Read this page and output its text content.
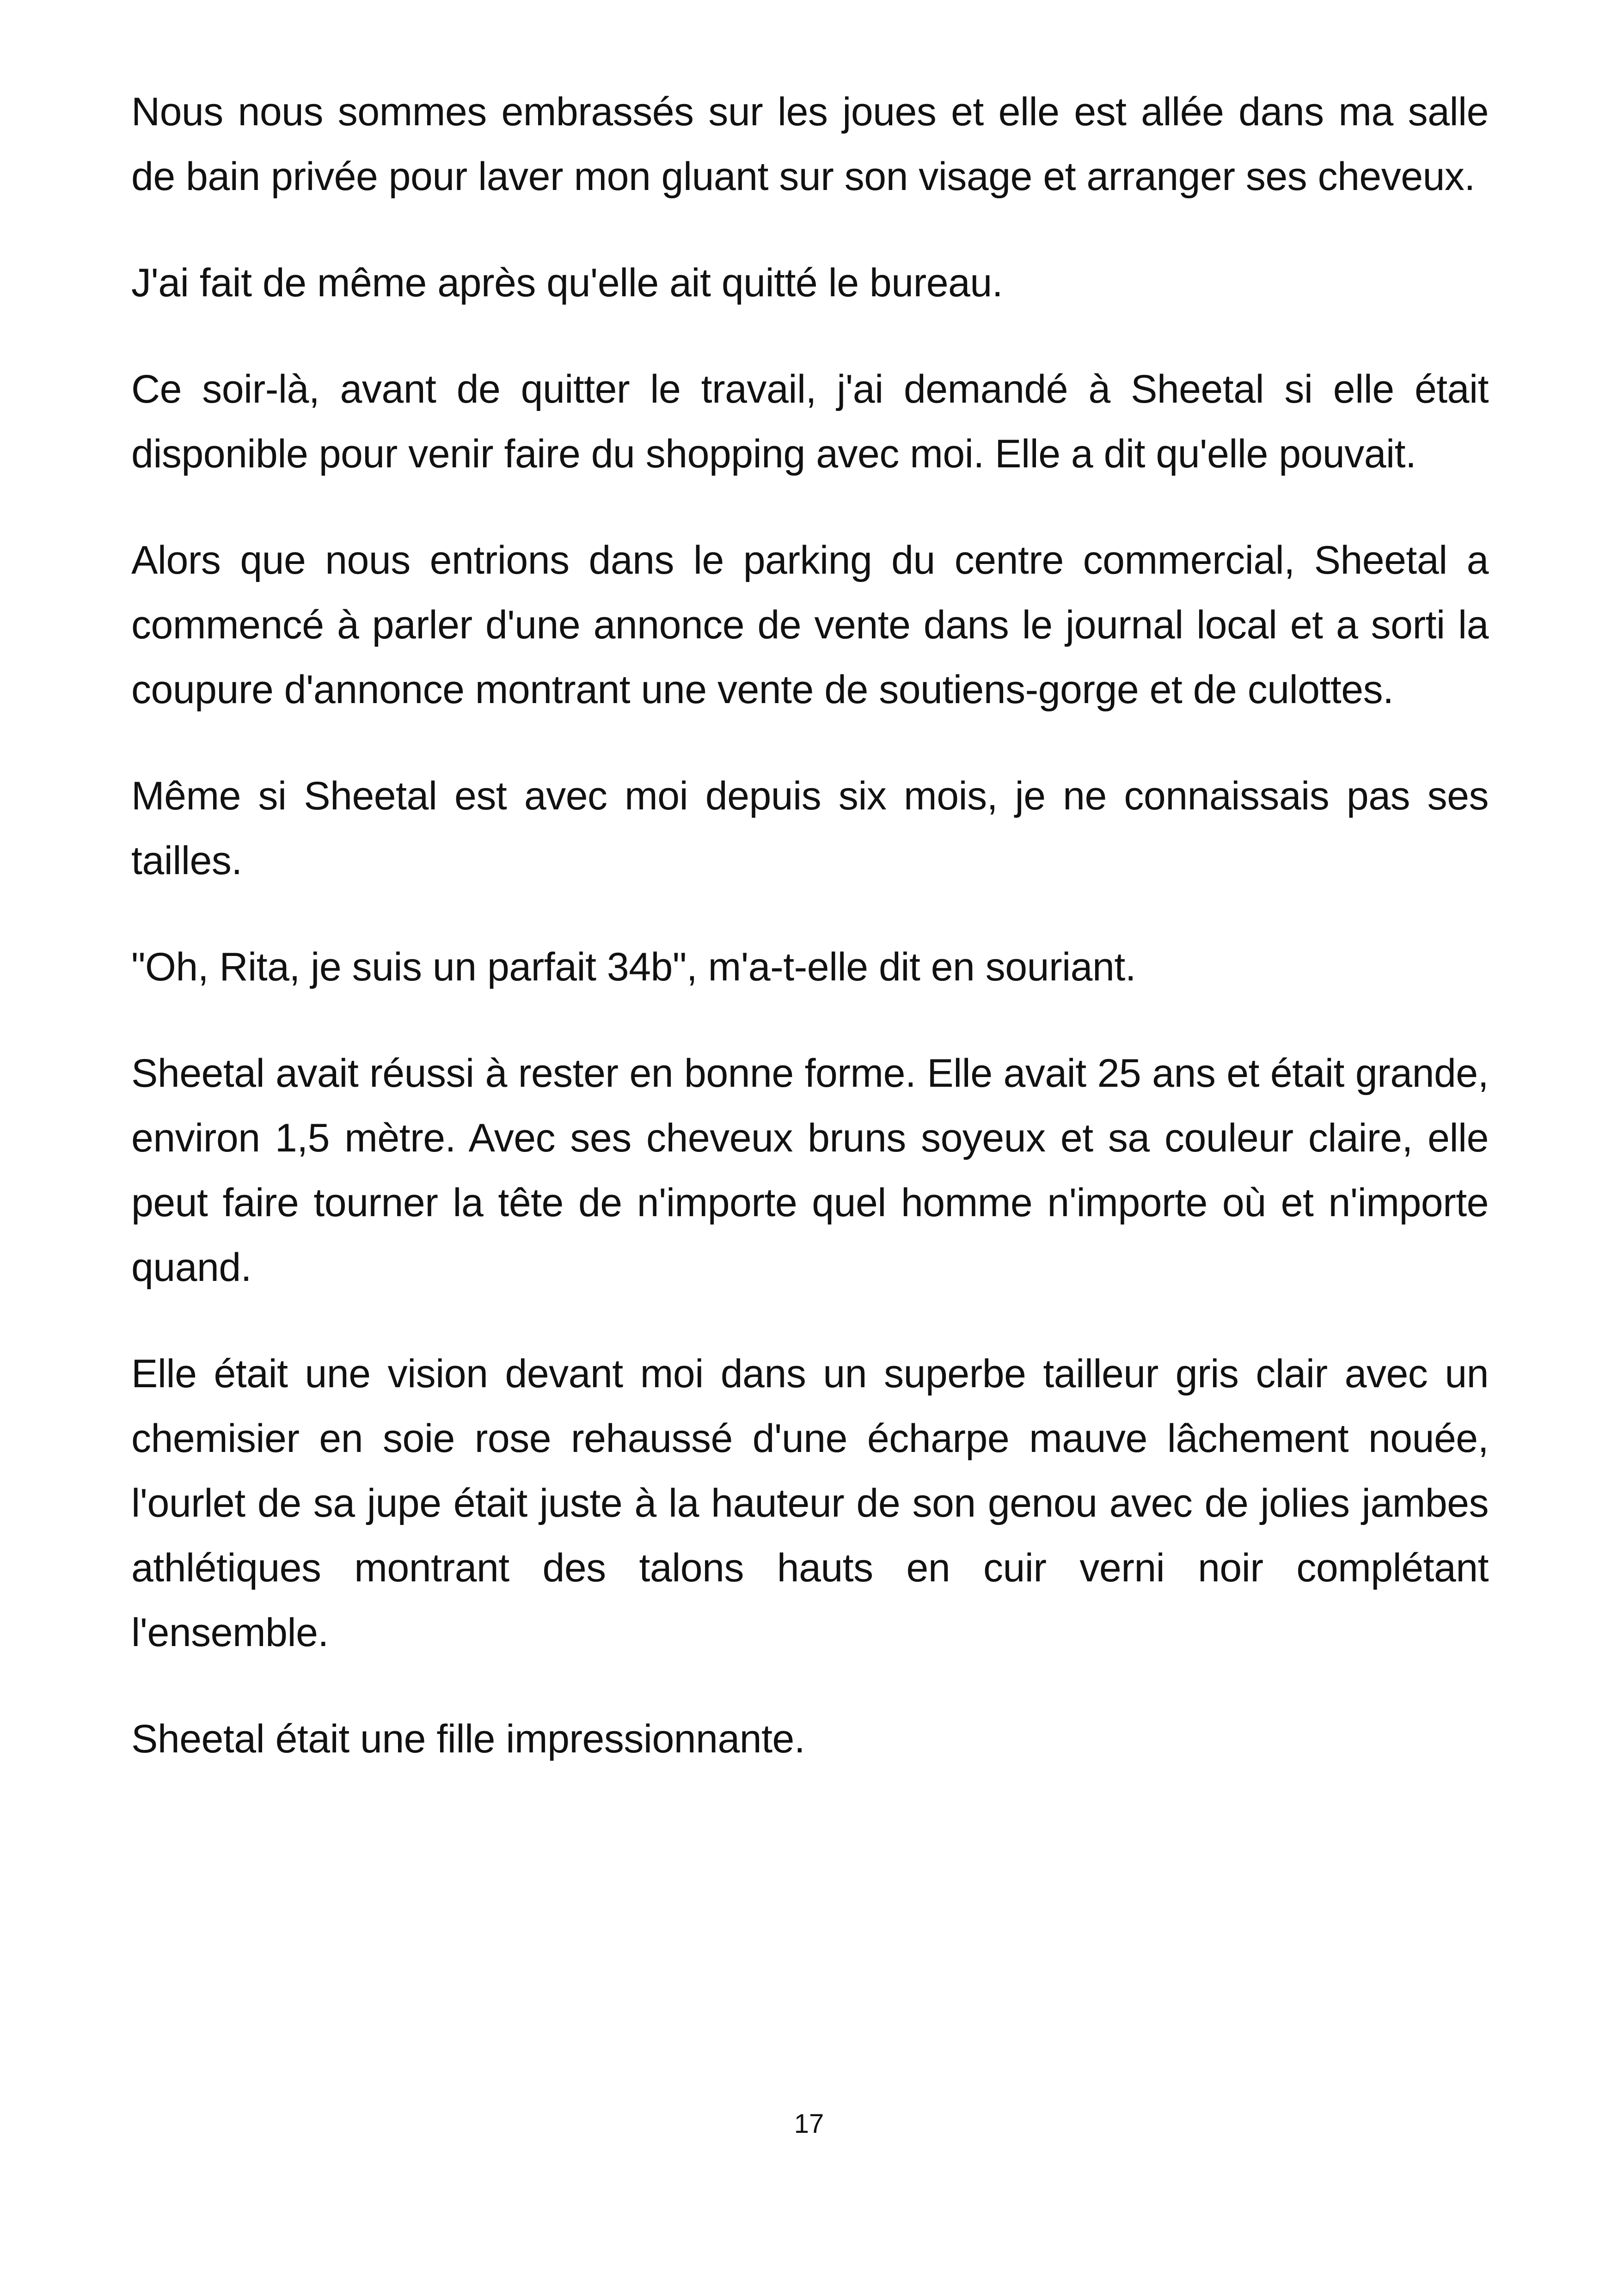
Nous nous sommes embrassés sur les joues et elle est allée dans ma salle de bain privée pour laver mon gluant sur son visage et arranger ses cheveux.

J'ai fait de même après qu'elle ait quitté le bureau.

Ce soir-là, avant de quitter le travail, j'ai demandé à Sheetal si elle était disponible pour venir faire du shopping avec moi. Elle a dit qu'elle pouvait.

Alors que nous entrions dans le parking du centre commercial, Sheetal a commencé à parler d'une annonce de vente dans le journal local et a sorti la coupure d'annonce montrant une vente de soutiens-gorge et de culottes.

Même si Sheetal est avec moi depuis six mois, je ne connaissais pas ses tailles.

"Oh, Rita, je suis un parfait 34b", m'a-t-elle dit en souriant.

Sheetal avait réussi à rester en bonne forme. Elle avait 25 ans et était grande, environ 1,5 mètre. Avec ses cheveux bruns soyeux et sa couleur claire, elle peut faire tourner la tête de n'importe quel homme n'importe où et n'importe quand.

Elle était une vision devant moi dans un superbe tailleur gris clair avec un chemisier en soie rose rehaussé d'une écharpe mauve lâchement nouée, l'ourlet de sa jupe était juste à la hauteur de son genou avec de jolies jambes athlétiques montrant des talons hauts en cuir verni noir complétant l'ensemble.

Sheetal était une fille impressionnante.

17
